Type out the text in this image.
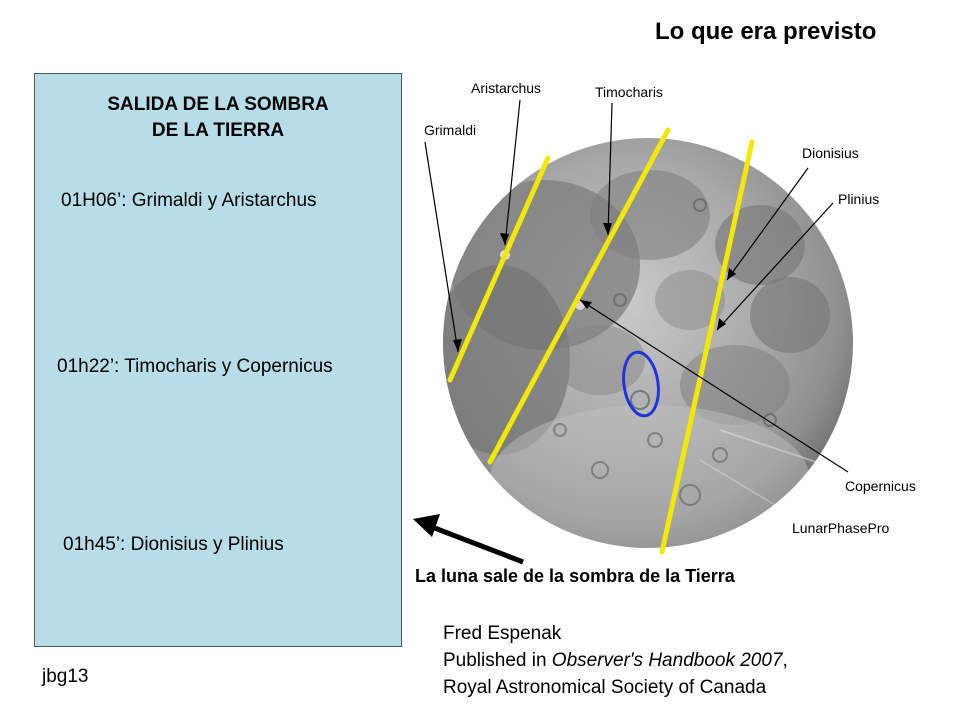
Lo que era previsto
SALIDA DE LA SOMBRA
DE LA TIERRA
01H06’: Grimaldi y Aristarchus
01h22’: Timocharis y Copernicus
01h45’: Dionisius y Plinius
Aristarchus	Timocharis
Grimaldi
Dionisius
Plinius
Copernicus
LunarPhasePro
La luna sale de la sombra de la Tierra
Fred Espenak
Published in Observer's Handbook 2007,
Royal Astronomical Society of Canada
jbg13
